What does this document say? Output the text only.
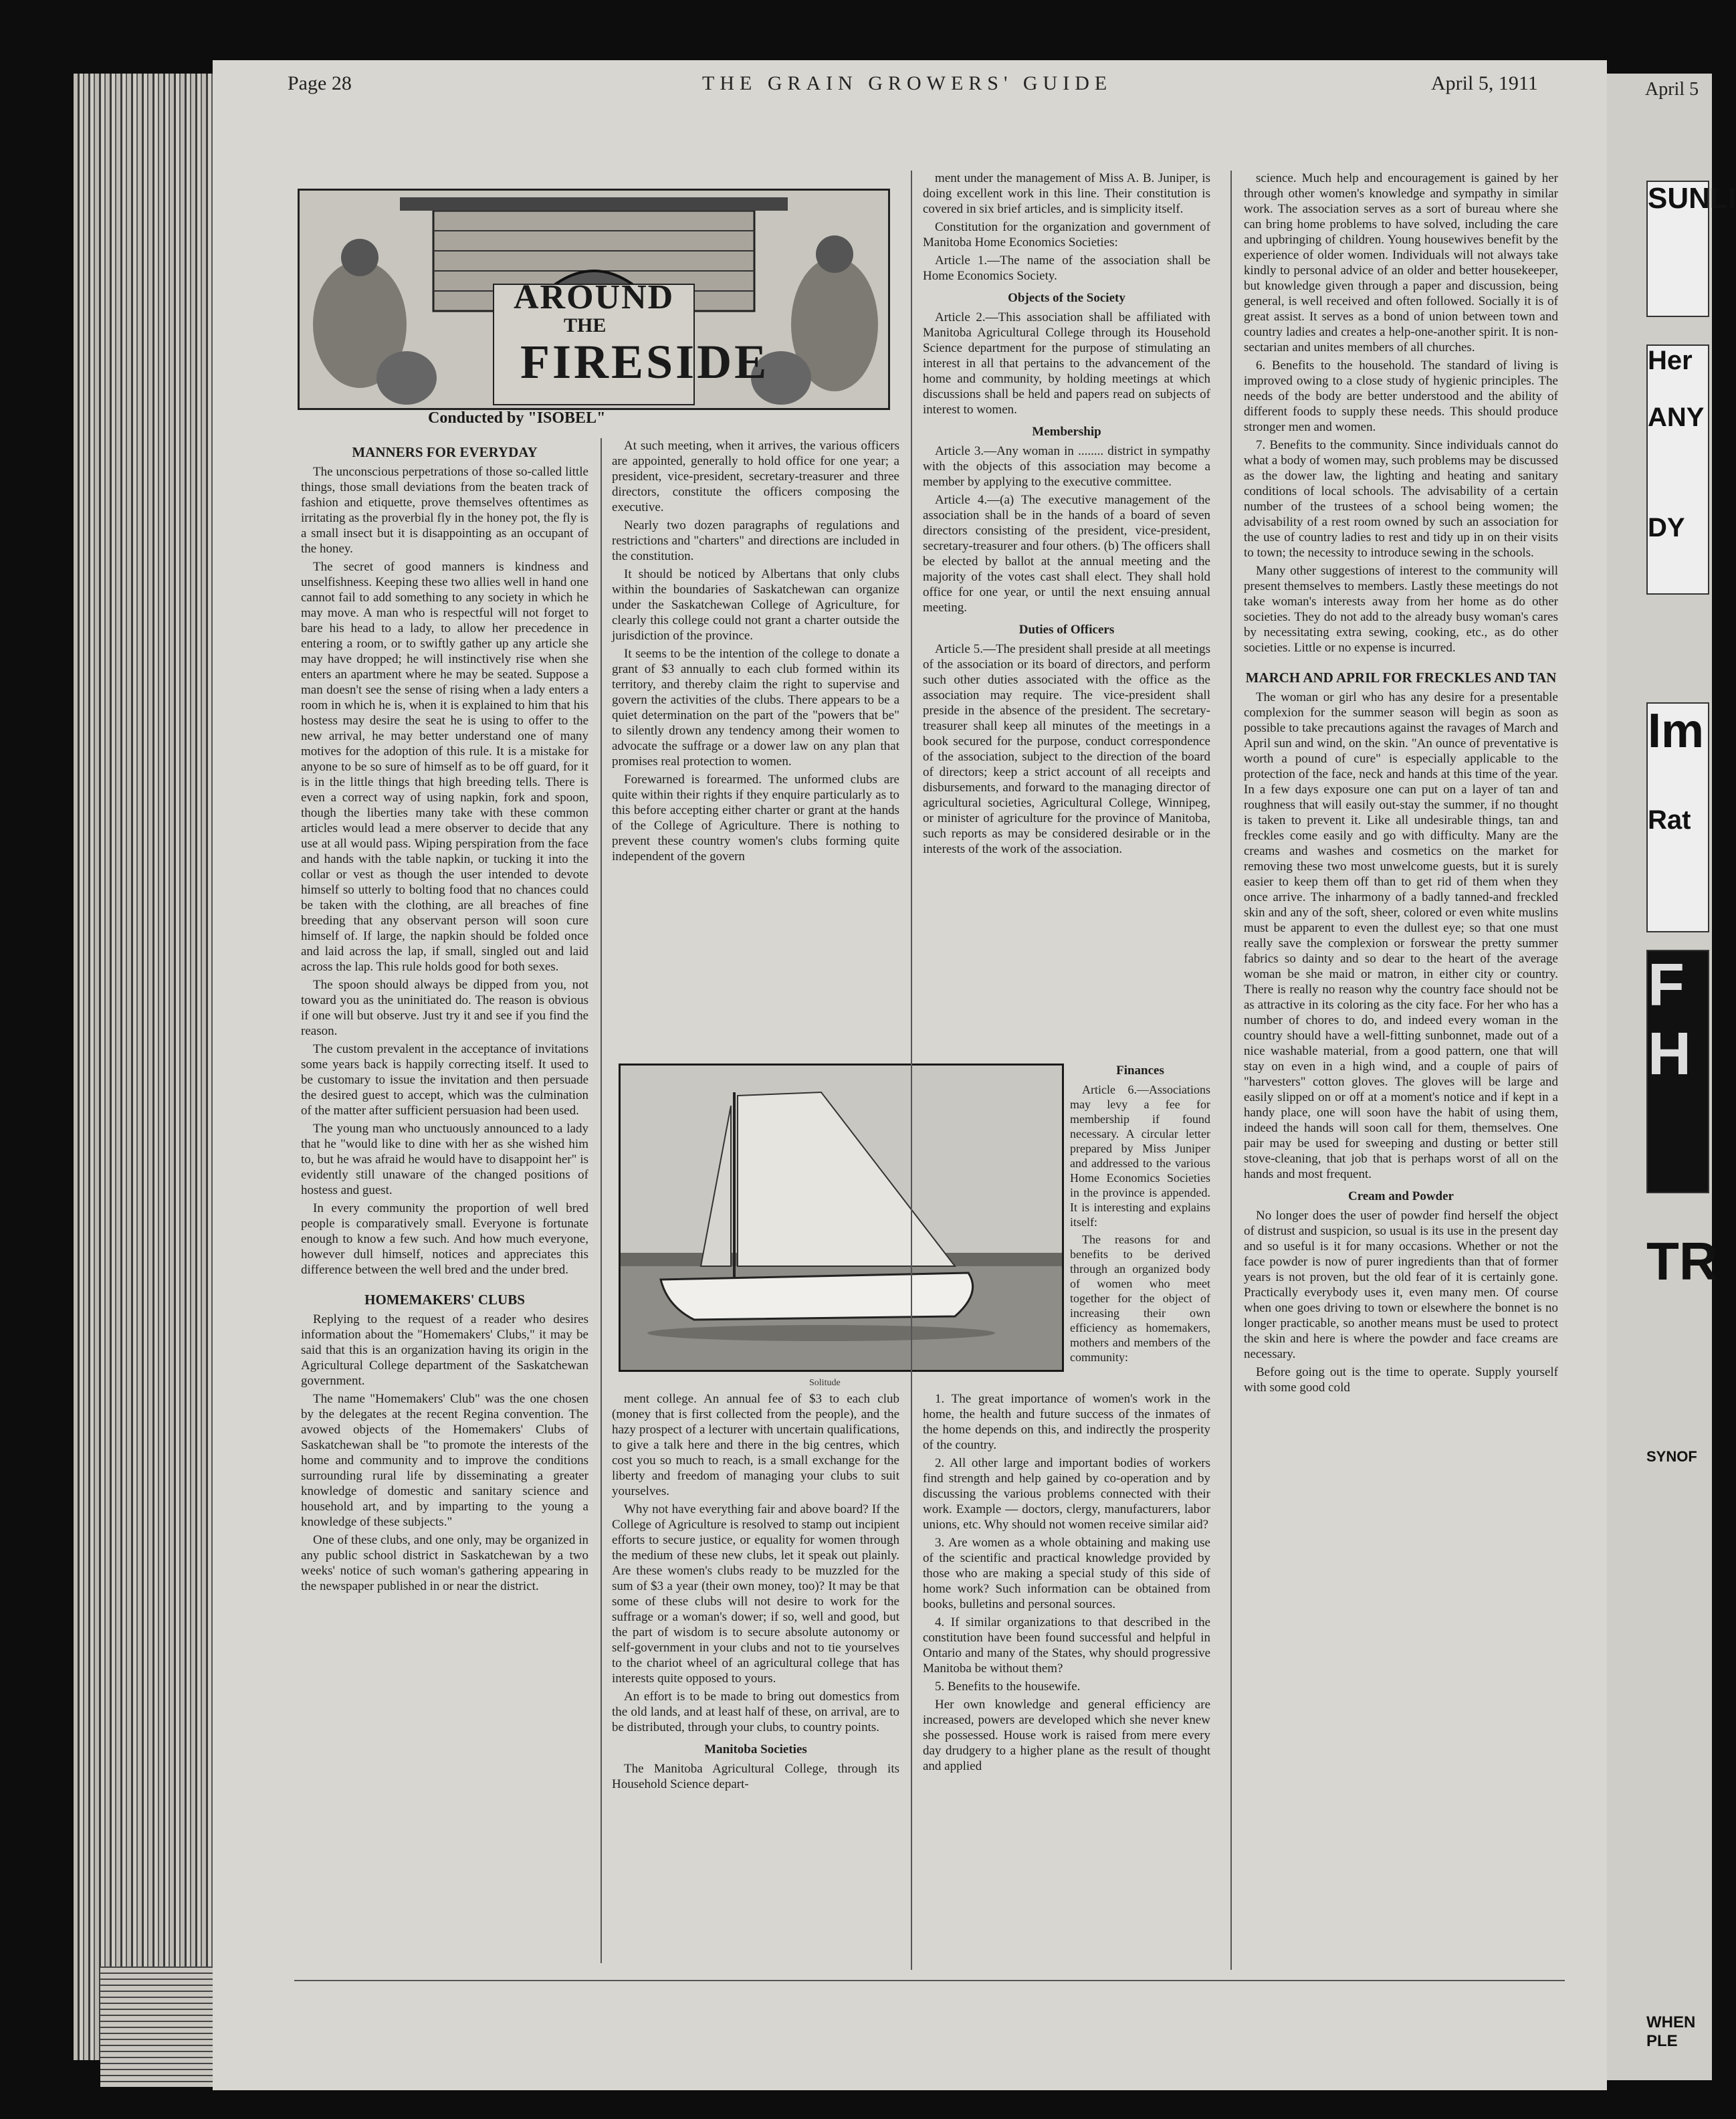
April 5
Page 28	THE GRAIN GROWERS' GUIDE	April 5, 1911
AROUND
THE
FIRESIDE
Conducted by "ISOBEL"
MANNERS FOR EVERYDAY

The unconscious perpetrations of those so-called little things, those small deviations from the beaten track of fashion and etiquette, prove themselves oftentimes as irritating as the proverbial fly in the honey pot, the fly is a small insect but it is disappointing as an occupant of the honey.

The secret of good manners is kindness and unselfishness. Keeping these two allies well in hand one cannot fail to add something to any society in which he may move. A man who is respectful will not forget to bare his head to a lady, to allow her precedence in entering a room, or to swiftly gather up any article she may have dropped; he will instinctively rise when she enters an apartment where he may be seated. Suppose a man doesn't see the sense of rising when a lady enters a room in which he is, when it is explained to him that his hostess may desire the seat he is using to offer to the new arrival, he may better understand one of many motives for the adoption of this rule. It is a mistake for anyone to be so sure of himself as to be off guard, for it is in the little things that high breeding tells. There is even a correct way of using napkin, fork and spoon, though the liberties many take with these common articles would lead a mere observer to decide that any use at all would pass. Wiping perspiration from the face and hands with the table napkin, or tucking it into the collar or vest as though the user intended to devote himself so utterly to bolting food that no chances could be taken with the clothing, are all breaches of fine breeding that any observant person will soon cure himself of. If large, the napkin should be folded once and laid across the lap, if small, singled out and laid across the lap. This rule holds good for both sexes.

The spoon should always be dipped from you, not toward you as the uninitiated do. The reason is obvious if one will but observe. Just try it and see if you find the reason.

The custom prevalent in the acceptance of invitations some years back is happily correcting itself. It used to be customary to issue the invitation and then persuade the desired guest to accept, which was the culmination of the matter after sufficient persuasion had been used.

The young man who unctuously announced to a lady that he "would like to dine with her as she wished him to, but he was afraid he would have to disappoint her" is evidently still unaware of the changed positions of hostess and guest.

In every community the proportion of well bred people is comparatively small. Everyone is fortunate enough to know a few such. And how much everyone, however dull himself, notices and appreciates this difference between the well bred and the under bred.

HOMEMAKERS' CLUBS

Replying to the request of a reader who desires information about the "Homemakers' Clubs," it may be said that this is an organization having its origin in the Agricultural College department of the Saskatchewan government.

The name "Homemakers' Club" was the one chosen by the delegates at the recent Regina convention. The avowed objects of the Homemakers' Clubs of Saskatchewan shall be "to promote the interests of the home and community and to improve the conditions surrounding rural life by disseminating a greater knowledge of domestic and sanitary science and household art, and by imparting to the young a knowledge of these subjects."

One of these clubs, and one only, may be organized in any public school district in Saskatchewan by a two weeks' notice of such woman's gathering appearing in the newspaper published in or near the district.

At such meeting, when it arrives, the various officers are appointed, generally to hold office for one year; a president, vice-president, secretary-treasurer and three directors, constitute the officers composing the executive.

Nearly two dozen paragraphs of regulations and restrictions and "charters" and directions are included in the constitution.

It should be noticed by Albertans that only clubs within the boundaries of Saskatchewan can organize under the Saskatchewan College of Agriculture, for clearly this college could not grant a charter outside the jurisdiction of the province.

It seems to be the intention of the college to donate a grant of $3 annually to each club formed within its territory, and thereby claim the right to supervise and govern the activities of the clubs. There appears to be a quiet determination on the part of the "powers that be" to silently drown any tendency among their women to advocate the suffrage or a dower law on any plan that promises real protection to women.

Forewarned is forearmed. The unformed clubs are quite within their rights if they enquire particularly as to this before accepting either charter or grant at the hands of the College of Agriculture. There is nothing to prevent these country women's clubs forming quite independent of the govern

Solitude

ment college. An annual fee of $3 to each club (money that is first collected from the people), and the hazy prospect of a lecturer with uncertain qualifications, to give a talk here and there in the big centres, which cost you so much to reach, is a small exchange for the liberty and freedom of managing your clubs to suit yourselves.

Why not have everything fair and above board? If the College of Agriculture is resolved to stamp out incipient efforts to secure justice, or equality for women through the medium of these new clubs, let it speak out plainly. Are these women's clubs ready to be muzzled for the sum of $3 a year (their own money, too)? It may be that some of these clubs will not desire to work for the suffrage or a woman's dower; if so, well and good, but the part of wisdom is to secure absolute autonomy or self-government in your clubs and not to tie yourselves to the chariot wheel of an agricultural college that has interests quite opposed to yours.

An effort is to be made to bring out domestics from the old lands, and at least half of these, on arrival, are to be distributed, through your clubs, to country points.

Manitoba Societies

The Manitoba Agricultural College, through its Household Science depart-

ment under the management of Miss A. B. Juniper, is doing excellent work in this line. Their constitution is covered in six brief articles, and is simplicity itself.

Constitution for the organization and government of Manitoba Home Economics Societies:

Article 1.—The name of the association shall be Home Economics Society.

Objects of the Society

Article 2.—This association shall be affiliated with Manitoba Agricultural College through its Household Science department for the purpose of stimulating an interest in all that pertains to the advancement of the home and community, by holding meetings at which discussions shall be held and papers read on subjects of interest to women.

Membership

Article 3.—Any woman in ........ district in sympathy with the objects of this association may become a member by applying to the executive committee.

Article 4.—(a) The executive management of the association shall be in the hands of a board of seven directors consisting of the president, vice-president, secretary-treasurer and four others. (b) The officers shall be elected by ballot at the annual meeting and the majority of the votes cast shall elect. They shall hold office for one year, or until the next ensuing annual meeting.

Duties of Officers

Article 5.—The president shall preside at all meetings of the association or its board of directors, and perform such other duties associated with the office as the association may require. The vice-president shall preside in the absence of the president. The secretary-treasurer shall keep all minutes of the meetings in a book secured for the purpose, conduct correspondence of the association, subject to the direction of the board of directors; keep a strict account of all receipts and disbursements, and forward to the managing director of agricultural societies, Agricultural College, Winnipeg, or minister of agriculture for the province of Manitoba, such reports as may be considered desirable or in the interests of the work of the association.

Finances

Article 6.—Associations may levy a fee for membership if found necessary. A circular letter prepared by Miss Juniper and addressed to the various Home Economics Societies in the province is appended. It is interesting and explains itself:

The reasons for and benefits to be derived through an organized body of women who meet together for the object of increasing their own efficiency as homemakers, mothers and members of the community:

1. The great importance of women's work in the home, the health and future success of the inmates of the home depends on this, and indirectly the prosperity of the country.

2. All other large and important bodies of workers find strength and help gained by co-operation and by discussing the various problems connected with their work. Example — doctors, clergy, manufacturers, labor unions, etc. Why should not women receive similar aid?

3. Are women as a whole obtaining and making use of the scientific and practical knowledge provided by those who are making a special study of this side of home work? Such information can be obtained from books, bulletins and personal sources.

4. If similar organizations to that described in the constitution have been found successful and helpful in Ontario and many of the States, why should progressive Manitoba be without them?

5. Benefits to the housewife.

Her own knowledge and general efficiency are increased, powers are developed which she never knew she possessed. House work is raised from mere every day drudgery to a higher plane as the result of thought and applied

science. Much help and encouragement is gained by her through other women's knowledge and sympathy in similar work. The association serves as a sort of bureau where she can bring home problems to have solved, including the care and upbringing of children. Young housewives benefit by the experience of older women. Individuals will not always take kindly to personal advice of an older and better housekeeper, but knowledge given through a paper and discussion, being general, is well received and often followed. Socially it is of great assist. It serves as a bond of union between town and country ladies and creates a help-one-another spirit. It is non-sectarian and unites members of all churches.

6. Benefits to the household. The standard of living is improved owing to a close study of hygienic principles. The needs of the body are better understood and the ability of different foods to supply these needs. This should produce stronger men and women.

7. Benefits to the community. Since individuals cannot do what a body of women may, such problems may be discussed as the dower law, the lighting and heating and sanitary conditions of local schools. The advisability of a certain number of the trustees of a school being women; the advisability of a rest room owned by such an association for the use of country ladies to rest and tidy up in on their visits to town; the necessity to introduce sewing in the schools.

Many other suggestions of interest to the community will present themselves to members. Lastly these meetings do not take woman's interests away from her home as do other societies. They do not add to the already busy woman's cares by necessitating extra sewing, cooking, etc., as do other societies. Little or no expense is incurred.

MARCH AND APRIL FOR FRECKLES AND TAN

The woman or girl who has any desire for a presentable complexion for the summer season will begin as soon as possible to take precautions against the ravages of March and April sun and wind, on the skin. "An ounce of preventative is worth a pound of cure" is especially applicable to the protection of the face, neck and hands at this time of the year. In a few days exposure one can put on a layer of tan and roughness that will easily out-stay the summer, if no thought is taken to prevent it. Like all undesirable things, tan and freckles come easily and go with difficulty. Many are the creams and washes and cosmetics on the market for removing these two most unwelcome guests, but it is surely easier to keep them off than to get rid of them when they once arrive. The inharmony of a badly tanned-and freckled skin and any of the soft, sheer, colored or even white muslins must be apparent to even the dullest eye; so that one must really save the complexion or forswear the pretty summer fabrics so dainty and so dear to the heart of the average woman be she maid or matron, in either city or country. There is really no reason why the country face should not be as attractive in its coloring as the city face. For her who has a number of chores to do, and indeed every woman in the country should have a well-fitting sunbonnet, made out of a nice washable material, from a good pattern, one that will stay on even in a high wind, and a couple of pairs of "harvesters" cotton gloves. The gloves will be large and easily slipped on or off at a moment's notice and if kept in a handy place, one will soon have the habit of using them, indeed the hands will soon call for them, themselves. One pair may be used for sweeping and dusting or better still stove-cleaning, that job that is perhaps worst of all on the hands and most frequent.

Cream and Powder

No longer does the user of powder find herself the object of distrust and suspicion, so usual is its use in the present day and so useful is it for many occasions. Whether or not the face powder is now of purer ingredients than that of former years is not proven, but the old fear of it is certainly gone. Practically everybody uses it, even many men. Of course when one goes driving to town or elsewhere the bonnet is no longer practicable, so another means must be used to protect the skin and here is where the powder and face creams are necessary.

Before going out is the time to operate. Supply yourself with some good cold

SUNLI
Her
ANY
DY
Im
Rat
F
H
TR
SYNOF
WHEN
PLE
